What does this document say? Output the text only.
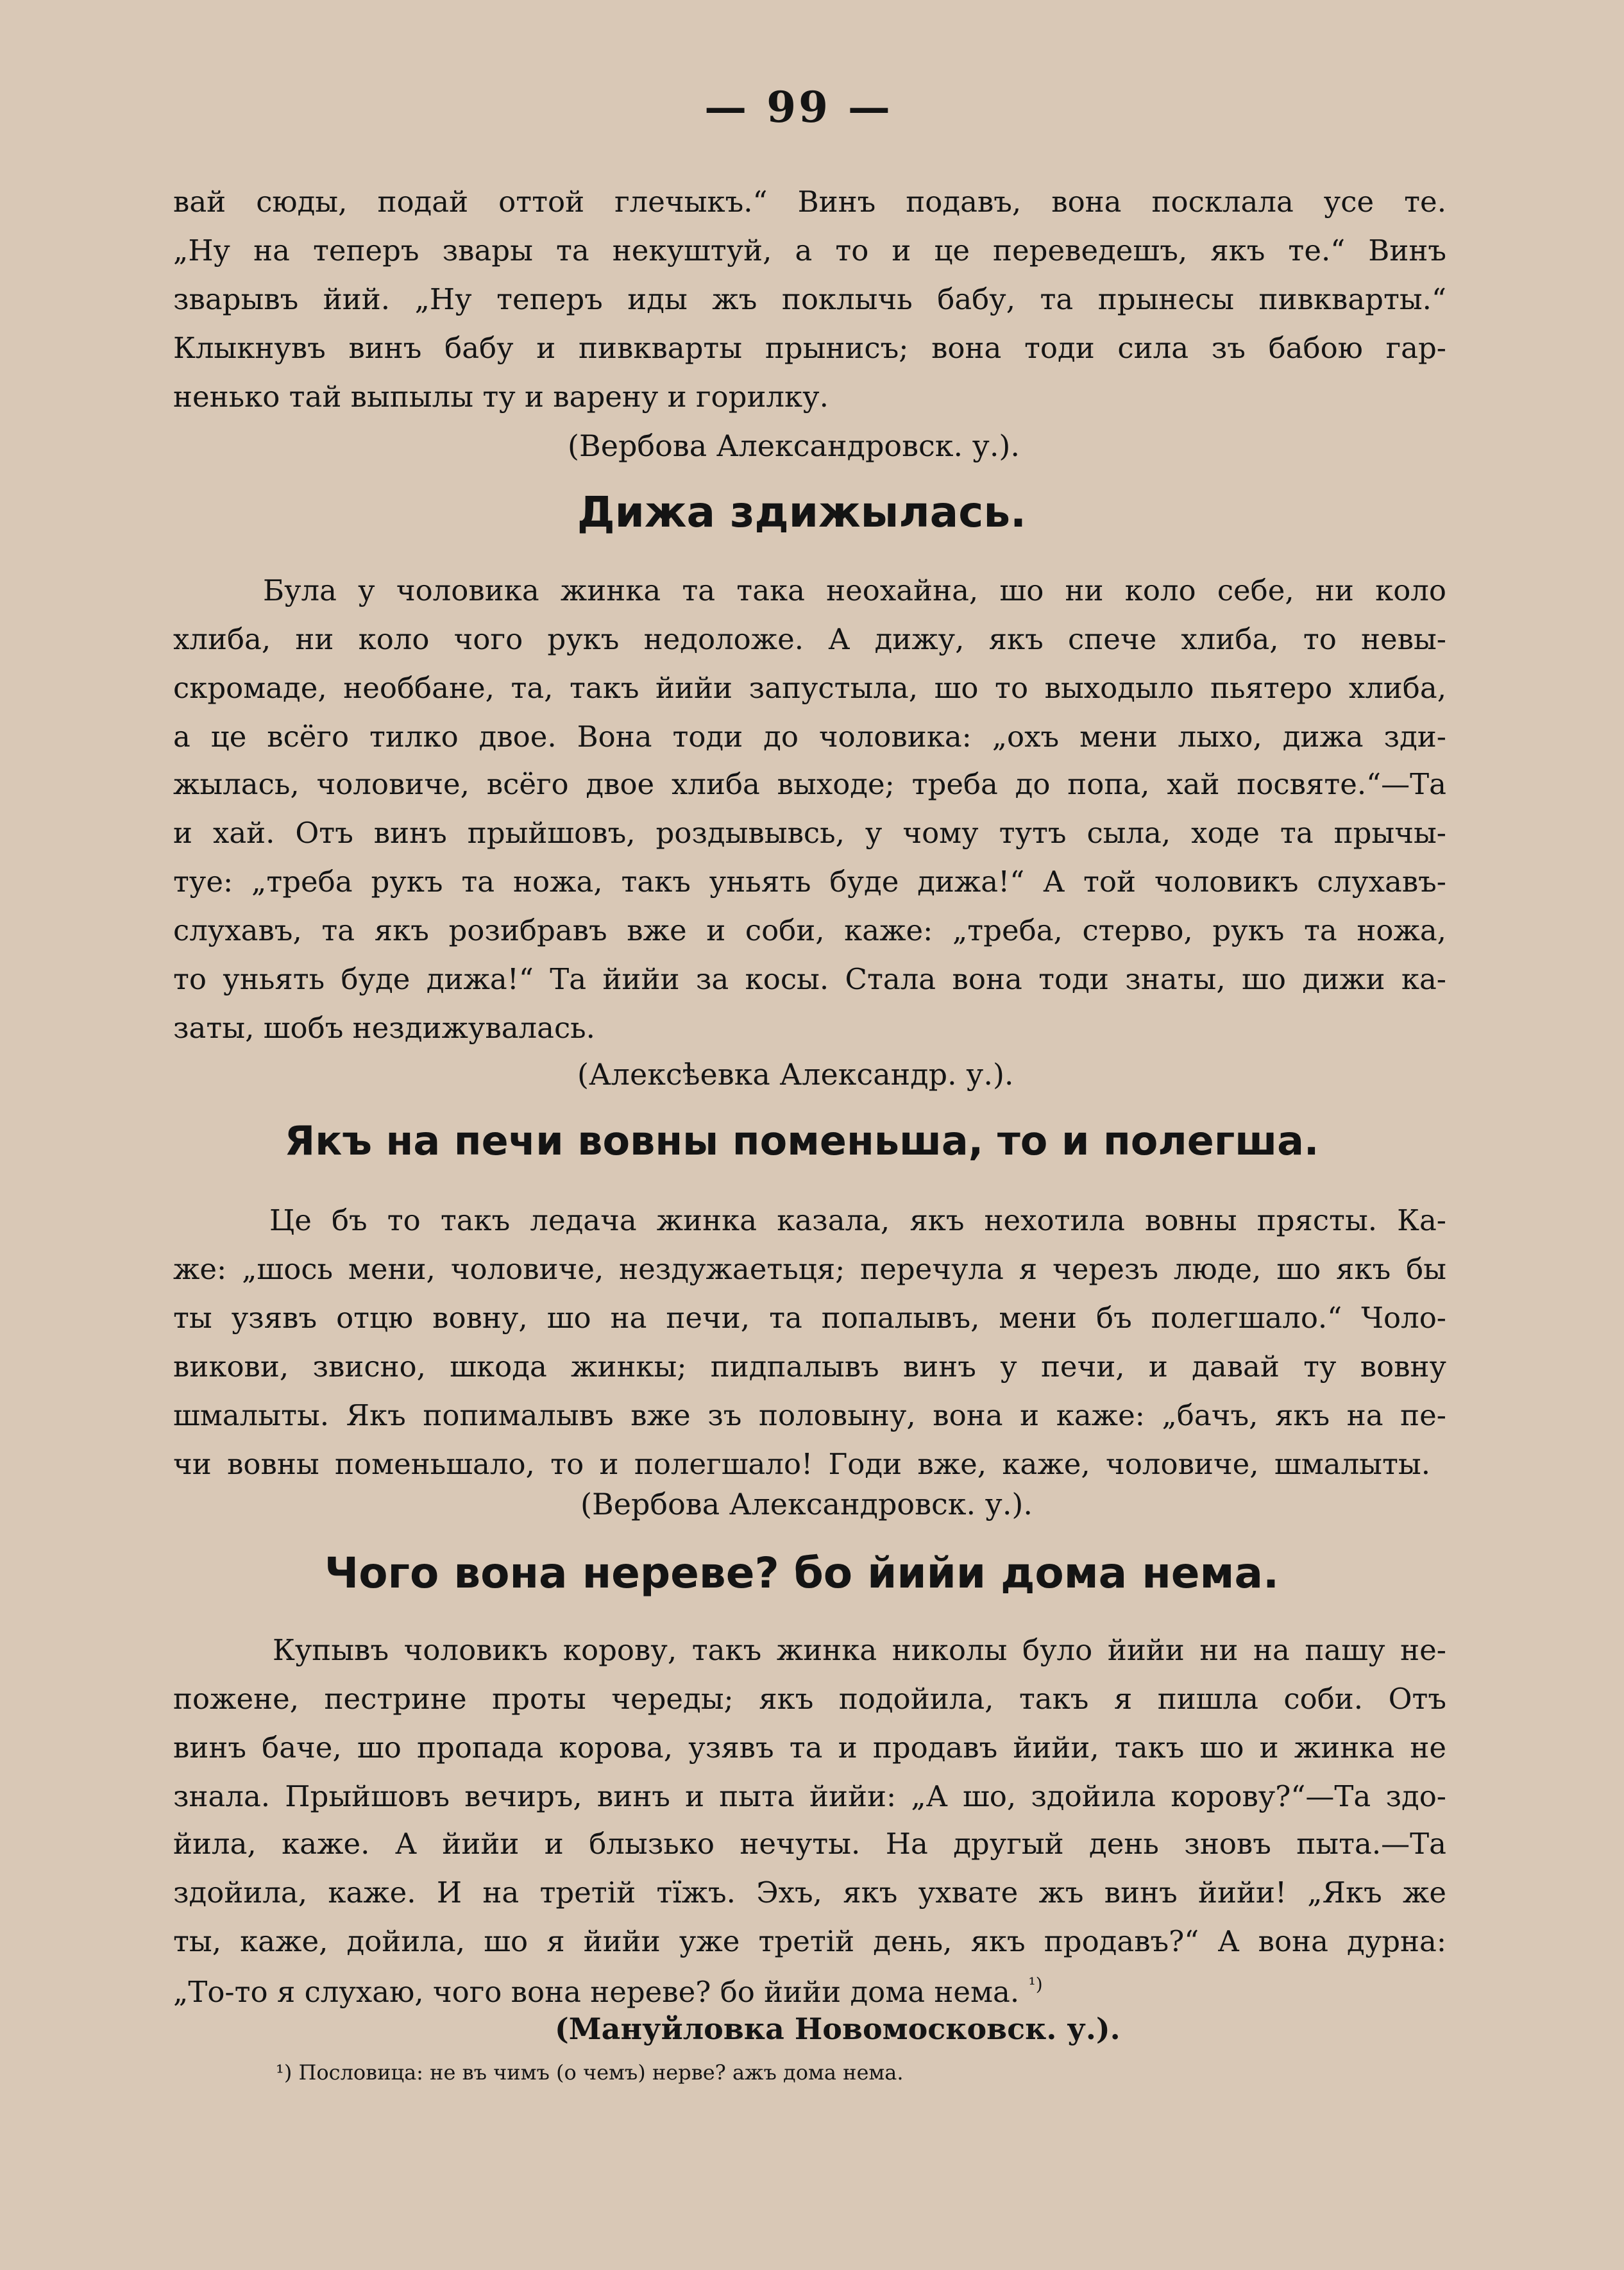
— 99 —
вай сюды, подай оттой глечыкъ.“ Винъ подавъ, вона посклала усе те.
„Ну на теперъ звары та некуштуй, а то и це переведешъ, якъ те.“ Винъ
зварывъ йий. „Ну теперъ иды жъ поклычь бабу, та прынесы пивкварты.“
Клыкнувъ винъ бабу и пивкварты прынисъ; вона тоди сила зъ бабою гар-
ненько тай выпылы ту и варену и горилку.
(Вербова Александровск. у.).
Дижа здижылась.
Була у чоловика жинка та така неохайна, шо ни коло себе, ни коло
хлиба, ни коло чого рукъ недоложе. А дижу, якъ спече хлиба, то невы-
скромаде, необбане, та, такъ йийи запустыла, шо то выходыло пьятеро хлиба,
а це всёго тилко двое. Вона тоди до чоловика: „охъ мени лыхо, дижа зди-
жылась, чоловиче, всёго двое хлиба выходе; треба до попа, хай посвяте.“—Та
и хай. Отъ винъ прыйшовъ, роздывывсь, у чому тутъ сыла, ходе та прычы-
туе: „треба рукъ та ножа, такъ уньять буде дижа!“ А той чоловикъ слухавъ-
слухавъ, та якъ розибравъ вже и соби, каже: „треба, стерво, рукъ та ножа,
то уньять буде дижа!“ Та йийи за косы. Стала вона тоди знаты, шо дижи ка-
заты, шобъ нездижувалась.
(Алексѣевка Александр. у.).
Якъ на печи вовны поменьша, то и полегша.
Це бъ то такъ ледача жинка казала, якъ нехотила вовны прясты. Ка-
же: „шось мени, чоловиче, нездужаетьця; перечула я черезъ люде, шо якъ бы
ты узявъ отцю вовну, шо на печи, та попалывъ, мени бъ полегшало.“ Чоло-
викови, звисно, шкода жинкы; пидпалывъ винъ у печи, и давай ту вовну
шмалыты. Якъ попималывъ вже зъ половыну, вона и каже: „бачъ, якъ на пе-
чи вовны поменьшало, то и полегшало! Годи вже, каже, чоловиче, шмалыты.
(Вербова Александровск. у.).
Чого вона нереве? бо йийи дома нема.
Купывъ чоловикъ корову, такъ жинка николы було йийи ни на пашу не-
пожене, пестрине проты череды; якъ подойила, такъ я пишла соби. Отъ
винъ баче, шо пропада корова, узявъ та и продавъ йийи, такъ шо и жинка не
знала. Прыйшовъ вечиръ, винъ и пыта йийи: „А шо, здойила корову?“—Та здо-
йила, каже. А йийи и блызько нечуты. На другый день зновъ пыта.—Та
здойила, каже. И на третій тїжъ. Эхъ, якъ ухвате жъ винъ йийи! „Якъ же
ты, каже, дойила, шо я йийи уже третій день, якъ продавъ?“ А вона дурна:
„То-то я слухаю, чого вона нереве? бо йийи дома нема. $^{^1)}$
(Мануйловка Новомосковск. у.).
¹) Пословица: не въ чимъ (о чемъ) нерве? ажъ дома нема.
